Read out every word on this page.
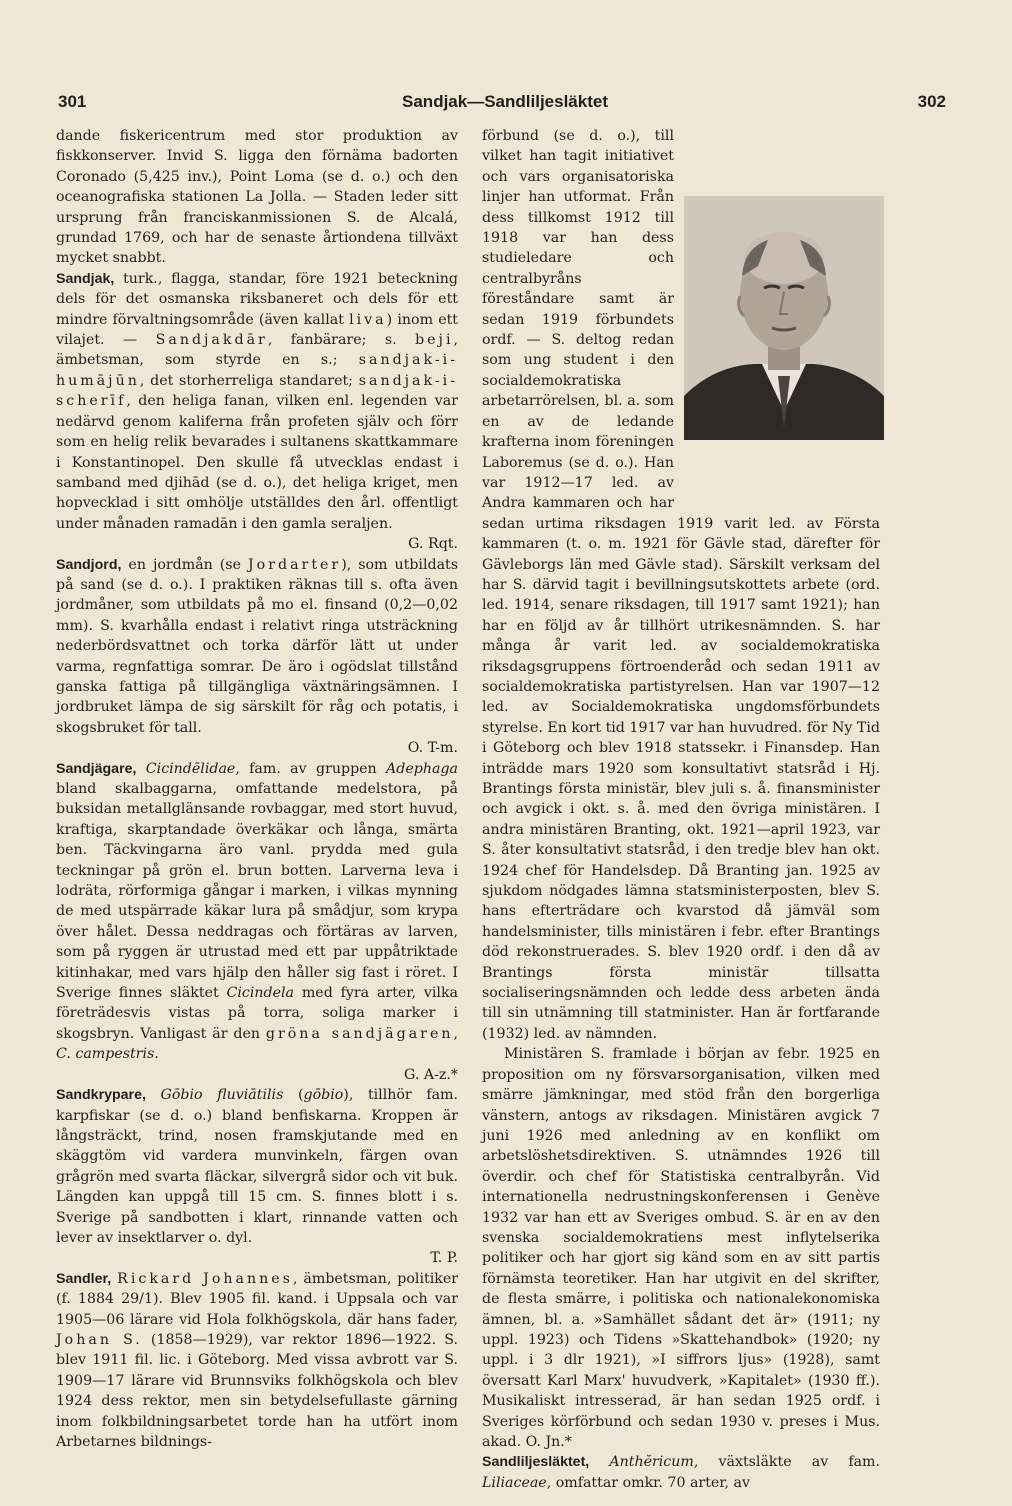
301	Sandjak—Sandliljesläktet	302

dande fiskericentrum med stor produktion av fiskkonserver. Invid S. ligga den förnäma badorten Coronado (5,425 inv.), Point Loma (se d. o.) och den oceanografiska stationen La Jolla. — Staden leder sitt ursprung från franciskanmissionen S. de Alcalá, grundad 1769, och har de senaste årtiondena tillväxt mycket snabbt.

Sandjak, turk., flagga, standar, före 1921 beteckning dels för det osmanska riksbaneret och dels för ett mindre förvaltningsområde (även kallat liva) inom ett vilajet. — Sandjakdār, fanbärare; s. beji, ämbetsman, som styrde en s.; sandjak-i-humājūn, det storherreliga standaret; sandjak-i-scherīf, den heliga fanan, vilken enl. legenden var nedärvd genom kaliferna från profeten själv och förr som en helig relik bevarades i sultanens skattkammare i Konstantinopel. Den skulle få utvecklas endast i samband med djihād (se d. o.), det heliga kriget, men hopvecklad i sitt omhölje utställdes den årl. offentligt under månaden ramadān i den gamla seraljen.
G. Rqt.

Sandjord, en jordmån (se Jordarter), som utbildats på sand (se d. o.). I praktiken räknas till s. ofta även jordmåner, som utbildats på mo el. finsand (0,2—0,02 mm). S. kvarhålla endast i relativt ringa utsträckning nederbördsvattnet och torka därför lätt ut under varma, regnfattiga somrar. De äro i ogödslat tillstånd ganska fattiga på tillgängliga växtnäringsämnen. I jordbruket lämpa de sig särskilt för råg och potatis, i skogsbruket för tall.
O. T-m.

Sandjägare, Cicindēlidae, fam. av gruppen Adephaga bland skalbaggarna, omfattande medelstora, på buksidan metallglänsande rovbaggar, med stort huvud, kraftiga, skarptandade överkäkar och långa, smärta ben. Täckvingarna äro vanl. prydda med gula teckningar på grön el. brun botten. Larverna leva i lodräta, rörformiga gångar i marken, i vilkas mynning de med utspärrade käkar lura på smådjur, som krypa över hålet. Dessa neddragas och förtäras av larven, som på ryggen är utrustad med ett par uppåtriktade kitinhakar, med vars hjälp den håller sig fast i röret. I Sverige finnes släktet Cicindela med fyra arter, vilka företrädesvis vistas på torra, soliga marker i skogsbryn. Vanligast är den gröna sandjägaren, C. campestris.
G. A-z.*

Sandkrypare, Gōbio fluviātilis (gōbio), tillhör fam. karpfiskar (se d. o.) bland benfiskarna. Kroppen är långsträckt, trind, nosen framskjutande med en skäggtöm vid vardera munvinkeln, färgen ovan grågrön med svarta fläckar, silvergrå sidor och vit buk. Längden kan uppgå till 15 cm. S. finnes blott i s. Sverige på sandbotten i klart, rinnande vatten och lever av insektlarver o. dyl.
T. P.

Sandler, Rickard Johannes, ämbetsman, politiker (f. 1884 29/1). Blev 1905 fil. kand. i Uppsala och var 1905—06 lärare vid Hola folkhögskola, där hans fader, Johan S. (1858—1929), var rektor 1896—1922. S. blev 1911 fil. lic. i Göteborg. Med vissa avbrott var S. 1909—17 lärare vid Brunnsviks folkhögskola och blev 1924 dess rektor, men sin betydelsefullaste gärning inom folkbildningsarbetet torde han ha utfört inom Arbetarnes bildnings-

förbund (se d. o.), till vilket han tagit initiativet och vars organisatoriska linjer han utformat. Från dess tillkomst 1912 till 1918 var han dess studieledare och centralbyråns föreståndare samt är sedan 1919 förbundets ordf. — S. deltog redan som ung student i den socialdemokratiska arbetarrörelsen, bl. a. som en av de ledande krafterna inom föreningen Laboremus (se d. o.). Han var 1912—17 led. av Andra kammaren och har sedan urtima riksdagen 1919 varit led. av Första kammaren (t. o. m. 1921 för Gävle stad, därefter för Gävleborgs län med Gävle stad). Särskilt verksam del har S. därvid tagit i bevillningsutskottets arbete (ord. led. 1914, senare riksdagen, till 1917 samt 1921); han har en följd av år tillhört utrikesnämnden. S. har många år varit led. av socialdemokratiska riksdagsgruppens förtroenderåd och sedan 1911 av socialdemokratiska partistyrelsen. Han var 1907—12 led. av Socialdemokratiska ungdomsförbundets styrelse. En kort tid 1917 var han huvudred. för Ny Tid i Göteborg och blev 1918 statssekr. i Finansdep. Han inträdde mars 1920 som konsultativt statsråd i Hj. Brantings första ministär, blev juli s. å. finansminister och avgick i okt. s. å. med den övriga ministären. I andra ministären Branting, okt. 1921—april 1923, var S. åter konsultativt statsråd, i den tredje blev han okt. 1924 chef för Handelsdep. Då Branting jan. 1925 av sjukdom nödgades lämna statsministerposten, blev S. hans efterträdare och kvarstod då jämväl som handelsminister, tills ministären i febr. efter Brantings död rekonstruerades. S. blev 1920 ordf. i den då av Brantings första ministär tillsatta socialiseringsnämnden och ledde dess arbeten ända till sin utnämning till statminister. Han är fortfarande (1932) led. av nämnden.

Ministären S. framlade i början av febr. 1925 en proposition om ny försvarsorganisation, vilken med smärre jämkningar, med stöd från den borgerliga vänstern, antogs av riksdagen. Ministären avgick 7 juni 1926 med anledning av en konflikt om arbetslöshetsdirektiven. S. utnämndes 1926 till överdir. och chef för Statistiska centralbyrån. Vid internationella nedrustningskonferensen i Genève 1932 var han ett av Sveriges ombud. S. är en av den svenska socialdemokratiens mest inflytelserika politiker och har gjort sig känd som en av sitt partis förnämsta teoretiker. Han har utgivit en del skrifter, de flesta smärre, i politiska och nationalekonomiska ämnen, bl. a. »Samhället sådant det är» (1911; ny uppl. 1923) och Tidens »Skattehandbok» (1920; ny uppl. i 3 dlr 1921), »I siffrors ljus» (1928), samt översatt Karl Marx' huvudverk, »Kapitalet» (1930 ff.). Musikaliskt intresserad, är han sedan 1925 ordf. i Sveriges körförbund och sedan 1930 v. preses i Mus. akad. O. Jn.*

Sandliljesläktet, Anthĕricum, växtsläkte av fam. Liliaceae, omfattar omkr. 70 arter, av
